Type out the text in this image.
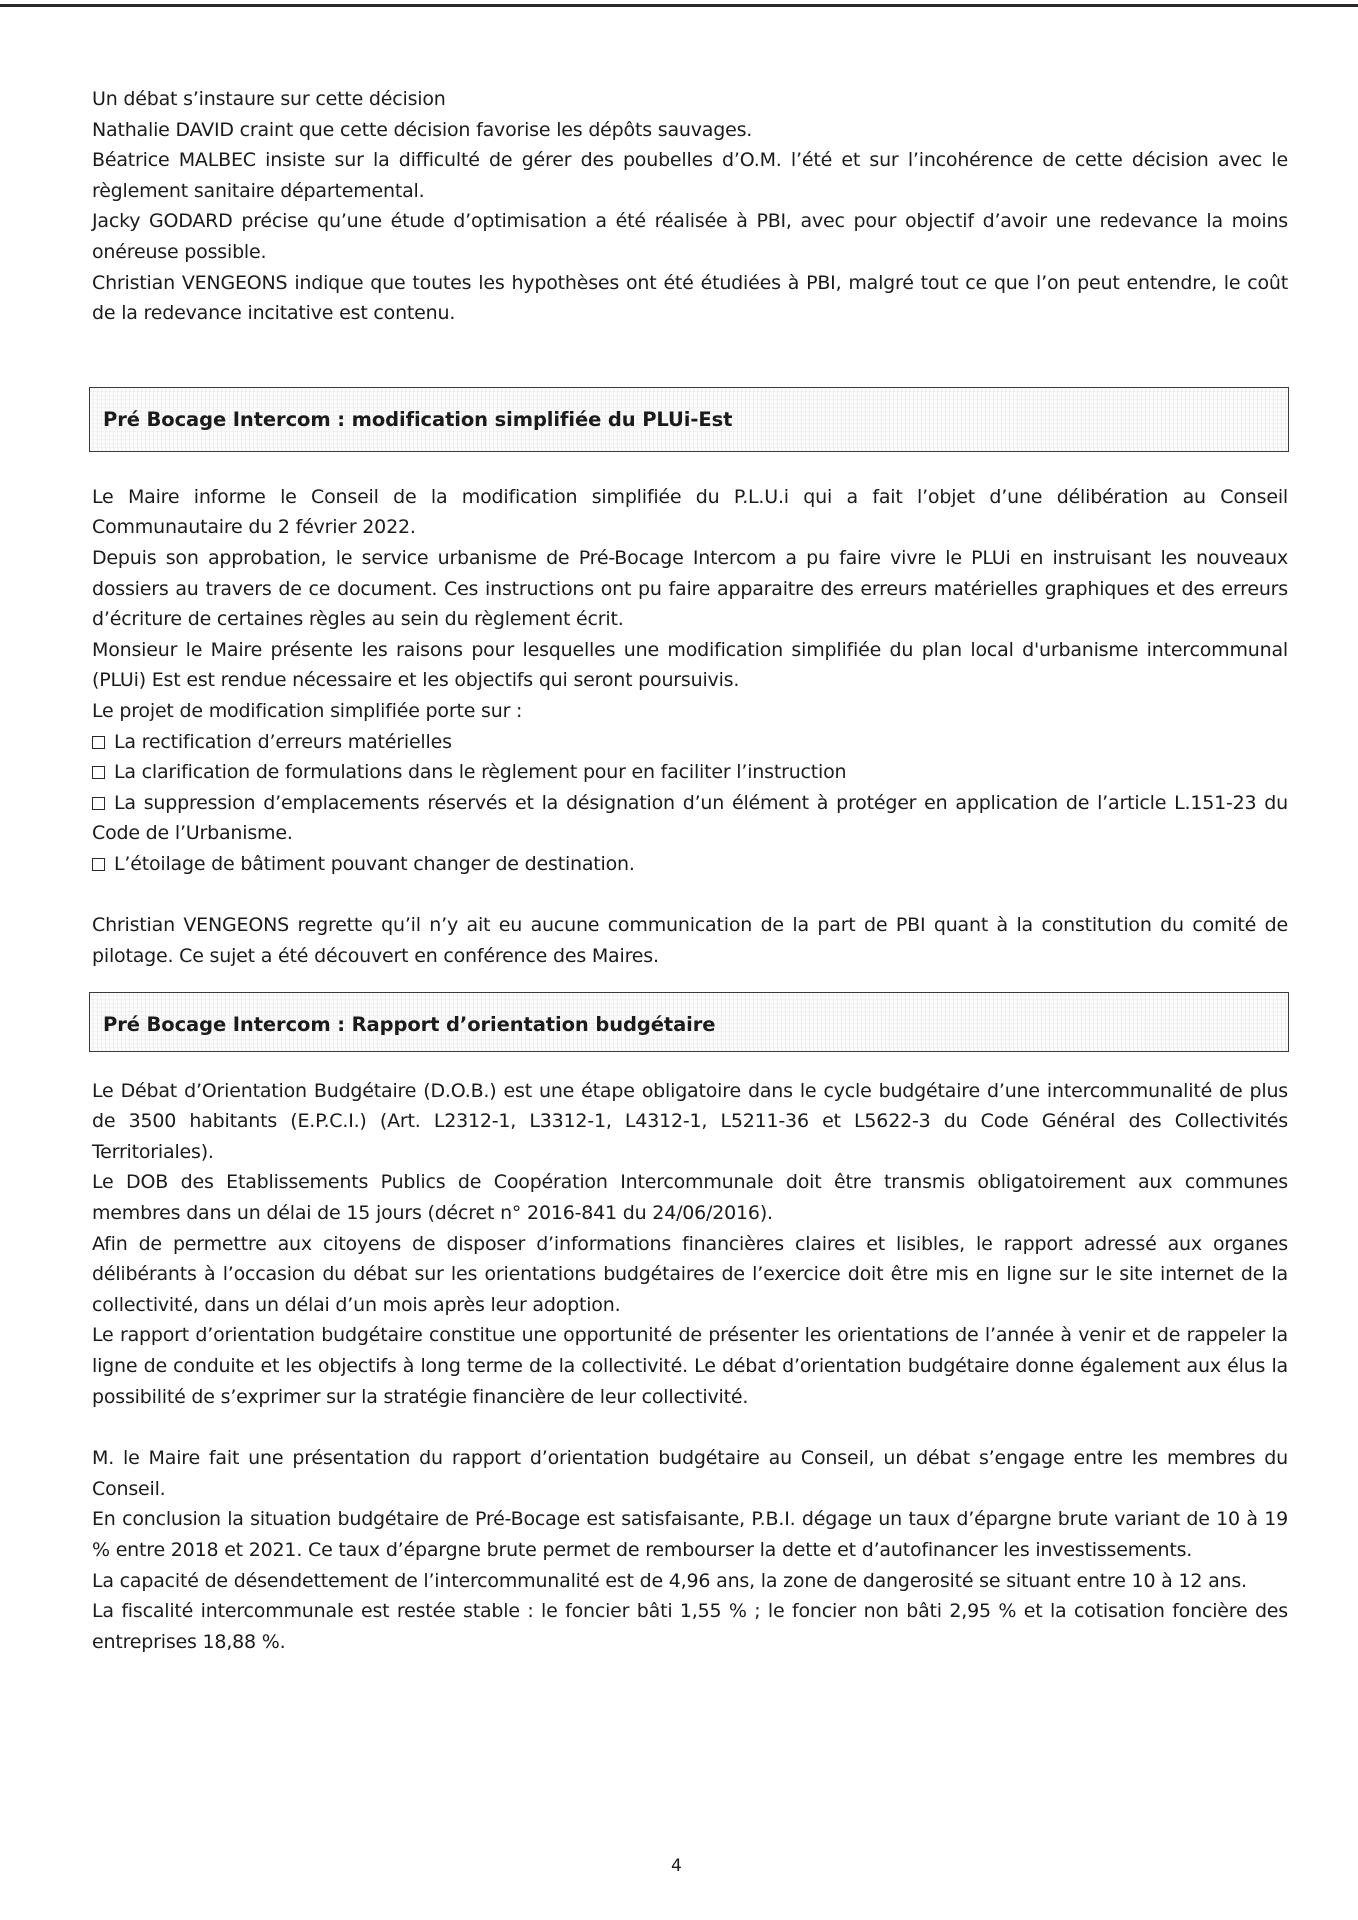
Un débat s’instaure sur cette décision

Nathalie DAVID craint que cette décision favorise les dépôts sauvages.

Béatrice MALBEC insiste sur la difficulté de gérer des poubelles d’O.M. l’été et sur l’incohérence de cette décision avec le règlement sanitaire départemental.

Jacky GODARD précise qu’une étude d’optimisation a été réalisée à PBI, avec pour objectif d’avoir une redevance la moins onéreuse possible.

Christian VENGEONS indique que toutes les hypothèses ont été étudiées à PBI, malgré tout ce que l’on peut entendre, le coût de la redevance incitative est contenu.

Pré Bocage Intercom : modification simplifiée du PLUi-Est

Le Maire informe le Conseil de la modification simplifiée du P.L.U.i qui a fait l’objet d’une délibération au Conseil Communautaire du 2 février 2022.

Depuis son approbation, le service urbanisme de Pré-Bocage Intercom a pu faire vivre le PLUi en instruisant les nouveaux dossiers au travers de ce document. Ces instructions ont pu faire apparaitre des erreurs matérielles graphiques et des erreurs d’écriture de certaines règles au sein du règlement écrit.

Monsieur le Maire présente les raisons pour lesquelles une modification simplifiée du plan local d'urbanisme intercommunal (PLUi) Est est rendue nécessaire et les objectifs qui seront poursuivis.

Le projet de modification simplifiée porte sur :

La rectification d’erreurs matérielles

La clarification de formulations dans le règlement pour en faciliter l’instruction

La suppression d’emplacements réservés et la désignation d’un élément à protéger en application de l’article L.151-23 du Code de l’Urbanisme.

L’étoilage de bâtiment pouvant changer de destination.

Christian VENGEONS regrette qu’il n’y ait eu aucune communication de la part de PBI quant à la constitution du comité de pilotage. Ce sujet a été découvert en conférence des Maires.

Pré Bocage Intercom : Rapport d’orientation budgétaire

Le Débat d’Orientation Budgétaire (D.O.B.) est une étape obligatoire dans le cycle budgétaire d’une intercommunalité de plus de 3500 habitants (E.P.C.I.) (Art. L2312-1, L3312-1, L4312-1, L5211-36 et L5622-3 du Code Général des Collectivités Territoriales).

Le DOB des Etablissements Publics de Coopération Intercommunale doit être transmis obligatoirement aux communes membres dans un délai de 15 jours (décret n° 2016-841 du 24/06/2016).

Afin de permettre aux citoyens de disposer d’informations financières claires et lisibles, le rapport adressé aux organes délibérants à l’occasion du débat sur les orientations budgétaires de l’exercice doit être mis en ligne sur le site internet de la collectivité, dans un délai d’un mois après leur adoption.

Le rapport d’orientation budgétaire constitue une opportunité de présenter les orientations de l’année à venir et de rappeler la ligne de conduite et les objectifs à long terme de la collectivité. Le débat d’orientation budgétaire donne également aux élus la possibilité de s’exprimer sur la stratégie financière de leur collectivité.

M. le Maire fait une présentation du rapport d’orientation budgétaire au Conseil, un débat s’engage entre les membres du Conseil.

En conclusion la situation budgétaire de Pré-Bocage est satisfaisante, P.B.I. dégage un taux d’épargne brute variant de 10 à 19 % entre 2018 et 2021. Ce taux d’épargne brute permet de rembourser la dette et d’autofinancer les investissements.

La capacité de désendettement de l’intercommunalité est de 4,96 ans, la zone de dangerosité se situant entre 10 à 12 ans.

La fiscalité intercommunale est restée stable : le foncier bâti 1,55 % ; le foncier non bâti 2,95 % et la cotisation foncière des entreprises 18,88 %.

4
